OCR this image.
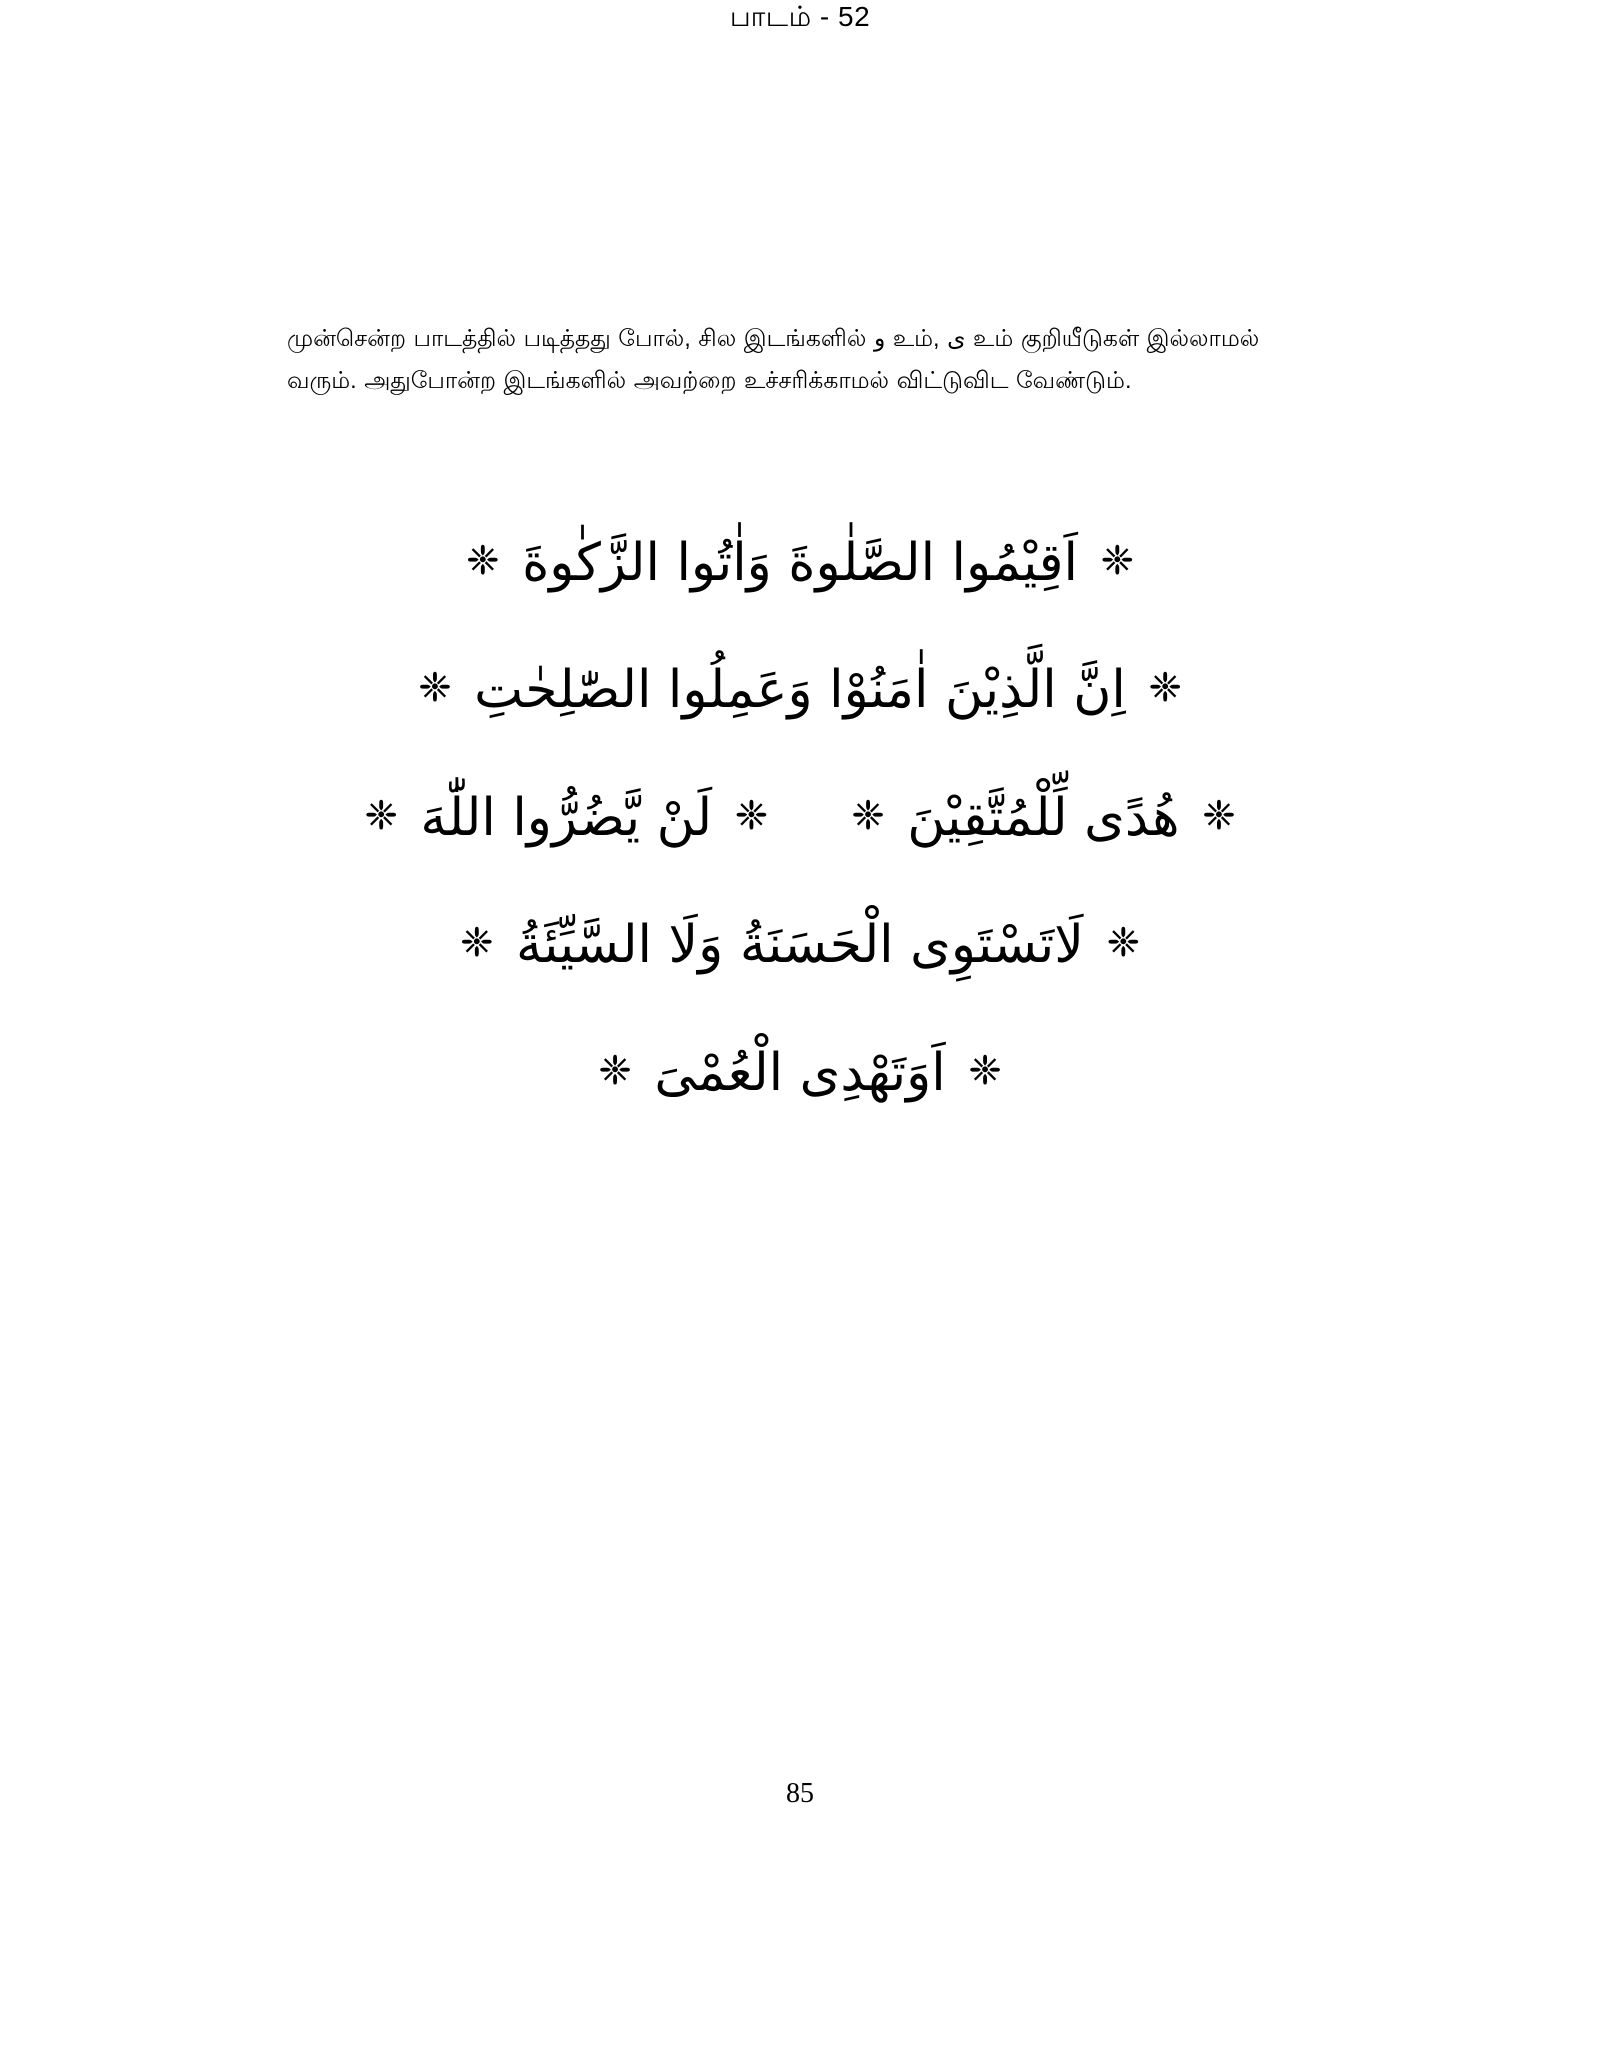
பாடம் - 52
முன்சென்ற பாடத்தில் படித்தது போல், சில இடங்களில் و உம், ی உம் குறியீடுகள் இல்லாமல் வரும். அதுபோன்ற இடங்களில் அவற்றை உச்சரிக்காமல் விட்டுவிட வேண்டும்.
❈ اَقِيْمُوا الصَّلٰوةَ وَاٰتُوا الزَّكٰوةَ ❈
❈ اِنَّ الَّذِيْنَ اٰمَنُوْا وَعَمِلُوا الصّٰلِحٰتِ ❈
❈ هُدًى لِّلْمُتَّقِيْنَ ❈  ❈ لَنْ يَّضُرُّوا اللّٰهَ ❈
❈ لَاتَسْتَوِى الْحَسَنَةُ وَلَا السَّيِّئَةُ ❈
❈ اَوَتَهْدِى الْعُمْىَ ❈
85
